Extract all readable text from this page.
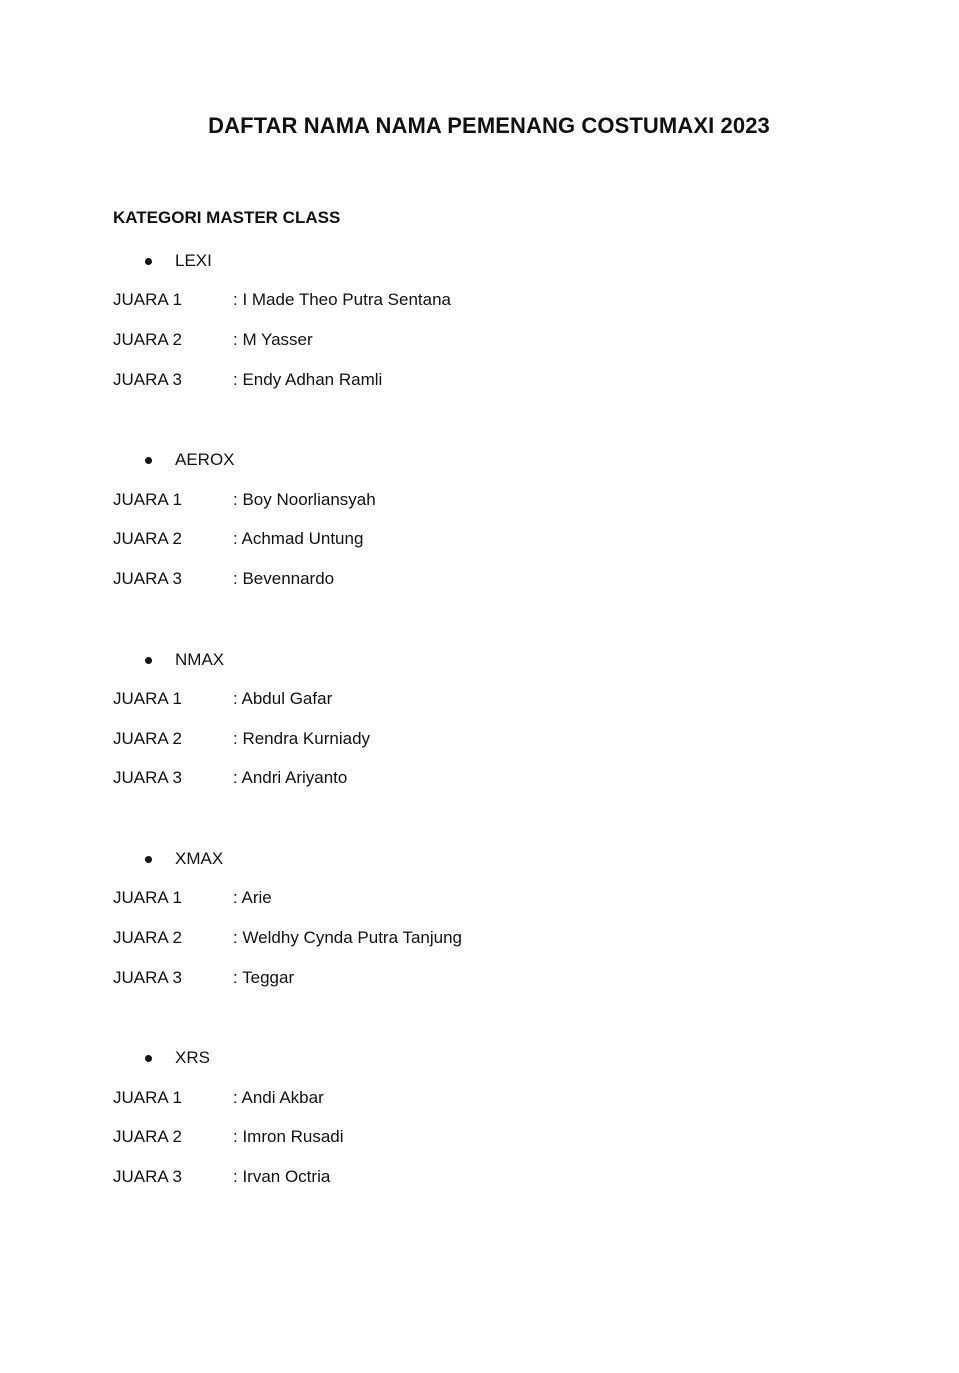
DAFTAR NAMA NAMA PEMENANG COSTUMAXI 2023
KATEGORI MASTER CLASS
LEXI
JUARA 1	: I Made Theo Putra Sentana
JUARA 2	: M Yasser
JUARA 3	: Endy Adhan Ramli
AEROX
JUARA 1	: Boy Noorliansyah
JUARA 2	: Achmad Untung
JUARA 3	: Bevennardo
NMAX
JUARA 1	: Abdul Gafar
JUARA 2	: Rendra Kurniady
JUARA 3	: Andri Ariyanto
XMAX
JUARA 1	: Arie
JUARA 2	: Weldhy Cynda Putra Tanjung
JUARA 3	: Teggar
XRS
JUARA 1	: Andi Akbar
JUARA 2	: Imron Rusadi
JUARA 3	: Irvan Octria
